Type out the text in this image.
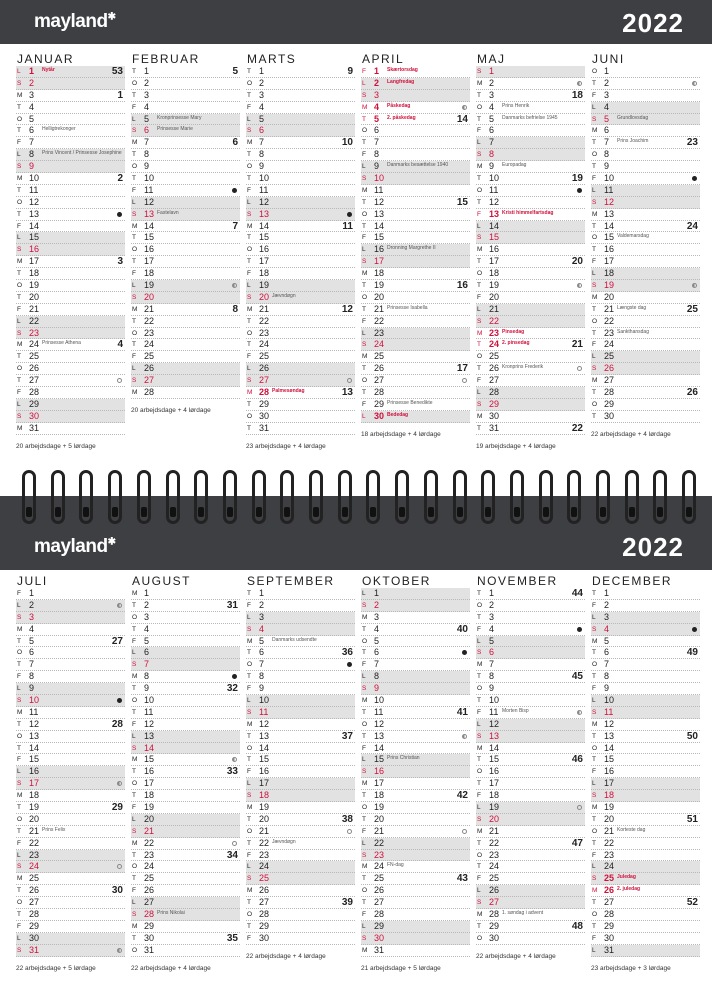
mayland✱	2022
JANUAR
L 1 Nytår	53
S 2
M 3	1
T 4
O 5
T 6 Helligtrekonger
F 7
L 8 Prins Vincent / Prinsesse Josephine
S 9
M 10	2
T 11
O 12
T 13
F 14
L 15
S 16
M 17	3
T 18
O 19
T 20
F 21
L 22
S 23
M 24 Prinsesse Athena	4
T 25
O 26
T 27
F 28
L 29
S 30
M 31
20 arbejdsdage + 5 lørdage
FEBRUAR
T 1	5
O 2
T 3
F 4
L 5 Kronprinsesse Mary
S 6 Prinsesse Marie
M 7	6
T 8
O 9
T 10
F 11
L 12
S 13 Fastelavn
M 14	7
T 15
O 16
T 17
F 18
L 19
S 20
M 21	8
T 22
O 23
T 24
F 25
L 26
S 27
M 28
20 arbejdsdage + 4 lørdage
MARTS
T 1	9
O 2
T 3
F 4
L 5
S 6
M 7	10
T 8
O 9
T 10
F 11
L 12
S 13
M 14	11
T 15
O 16
T 17
F 18
L 19
S 20 Jævndøgn
M 21	12
T 22
O 23
T 24
F 25
L 26
S 27
M 28 Palmesøndag	13
T 29
O 30
T 31
23 arbejdsdage + 4 lørdage
APRIL
F 1 Skærtorsdag
L 2 Langfredag
S 3
M 4 Påskedag
T 5 2. påskedag	14
O 6
T 7
F 8
L 9 Danmarks besættelse 1940
S 10
M 11
T 12	15
O 13
T 14
F 15
L 16 Dronning Margrethe II
S 17
M 18
T 19	16
O 20
T 21 Prinsesse Isabella
F 22
L 23
S 24
M 25
T 26	17
O 27
T 28
F 29 Prinsesse Benedikte
L 30 Bededag
18 arbejdsdage + 4 lørdage
MAJ
S 1
M 2
T 3	18
O 4 Prins Henrik
T 5 Danmarks befrielse 1945
F 6
L 7
S 8
M 9 Europadag
T 10	19
O 11
T 12
F 13 Kristi himmelfartsdag
L 14
S 15
M 16
T 17	20
O 18
T 19
F 20
L 21
S 22
M 23 Pinsedag
T 24 2. pinsedag	21
O 25
T 26 Kronprins Frederik
F 27
L 28
S 29
M 30
T 31	22
19 arbejdsdage + 4 lørdage
JUNI
O 1
T 2
F 3
L 4
S 5 Grundlovsdag
M 6
T 7 Prins Joachim	23
O 8
T 9
F 10
L 11
S 12
M 13
T 14	24
O 15 Valdemarsdag
T 16
F 17
L 18
S 19
M 20
T 21 Længste dag	25
O 22
T 23 Sankthansdag
F 24
L 25
S 26
M 27
T 28	26
O 29
T 30
22 arbejdsdage + 4 lørdage
mayland✱	2022
JULI
F 1
L 2
S 3
M 4
T 5	27
O 6
T 7
F 8
L 9
S 10
M 11
T 12	28
O 13
T 14
F 15
L 16
S 17
M 18
T 19	29
O 20
T 21 Prins Felix
F 22
L 23
S 24
M 25
T 26	30
O 27
T 28
F 29
L 30
S 31
22 arbejdsdage + 5 lørdage
AUGUST
M 1
T 2	31
O 3
T 4
F 5
L 6
S 7
M 8
T 9	32
O 10
T 11
F 12
L 13
S 14
M 15
T 16	33
O 17
T 18
F 19
L 20
S 21
M 22
T 23	34
O 24
T 25
F 26
L 27
S 28 Prins Nikolai
M 29
T 30	35
O 31
22 arbejdsdage + 4 lørdage
SEPTEMBER
T 1
F 2
L 3
S 4
M 5 Danmarks udsendte
T 6	36
O 7
T 8
F 9
L 10
S 11
M 12
T 13	37
O 14
T 15
F 16
L 17
S 18
M 19
T 20	38
O 21
T 22 Jævndøgn
F 23
L 24
S 25
M 26
T 27	39
O 28
T 29
F 30
22 arbejdsdage + 4 lørdage
OKTOBER
L 1
S 2
M 3
T 4	40
O 5
T 6
F 7
L 8
S 9
M 10
T 11	41
O 12
T 13
F 14
L 15 Prins Christian
S 16
M 17
T 18	42
O 19
T 20
F 21
L 22
S 23
M 24 FN-dag
T 25	43
O 26
T 27
F 28
L 29
S 30
M 31
21 arbejdsdage + 5 lørdage
NOVEMBER
T 1	44
O 2
T 3
F 4
L 5
S 6
M 7
T 8	45
O 9
T 10
F 11 Morten Bisp
L 12
S 13
M 14
T 15	46
O 16
T 17
F 18
L 19
S 20
M 21
T 22	47
O 23
T 24
F 25
L 26
S 27
M 28 1. søndag i advent
T 29	48
O 30
22 arbejdsdage + 4 lørdage
DECEMBER
T 1
F 2
L 3
S 4
M 5
T 6	49
O 7
T 8
F 9
L 10
S 11
M 12
T 13	50
O 14
T 15
F 16
L 17
S 18
M 19
T 20	51
O 21 Korteste dag
T 22
F 23
L 24
S 25 Juledag
M 26 2. juledag
T 27	52
O 28
T 29
F 30
L 31
23 arbejdsdage + 3 lørdage
